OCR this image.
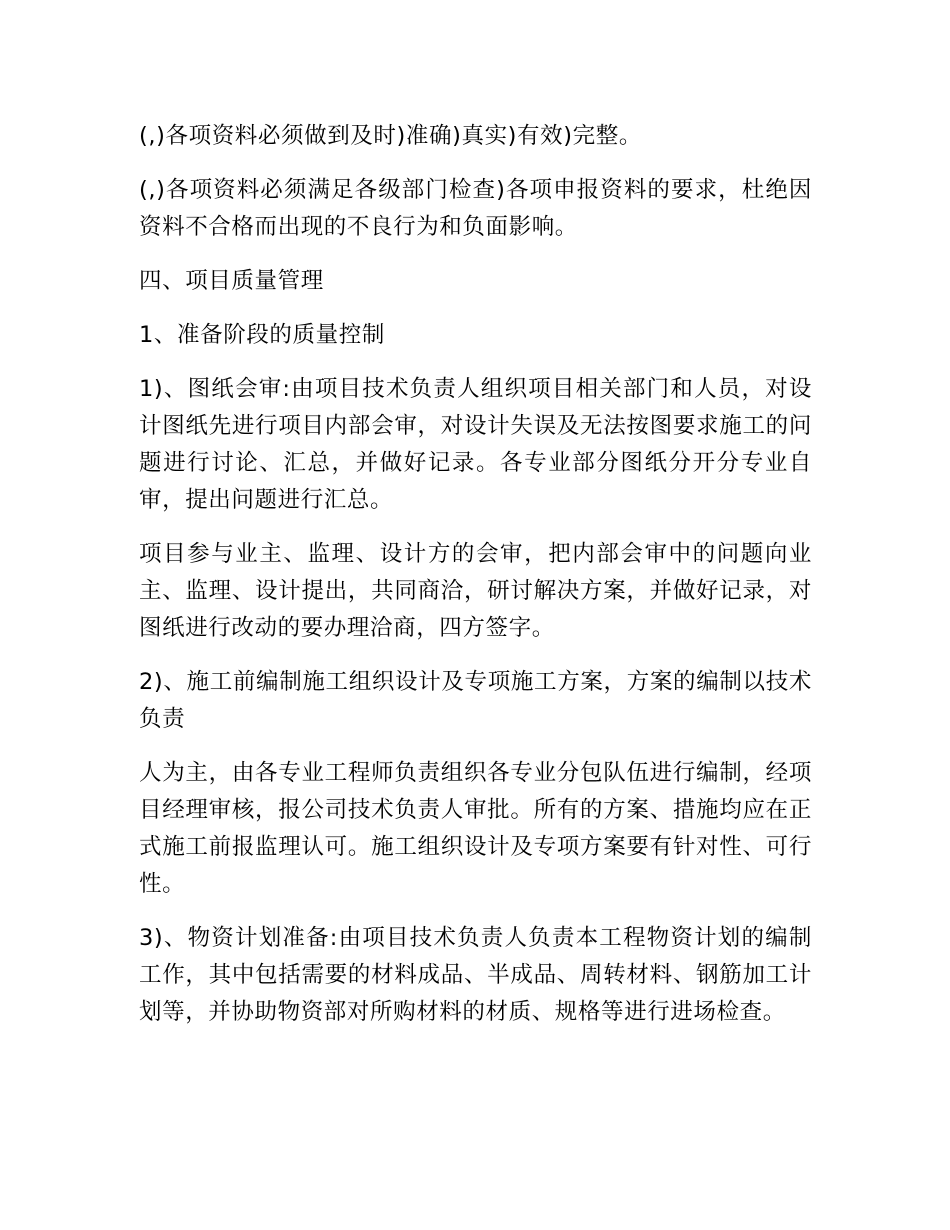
(,)各项资料必须做到及时)准确)真实)有效)完整。

(,)各项资料必须满足各级部门检查)各项申报资料的要求，杜绝因资料不合格而出现的不良行为和负面影响。

四、项目质量管理

1、准备阶段的质量控制

1)、图纸会审:由项目技术负责人组织项目相关部门和人员，对设计图纸先进行项目内部会审，对设计失误及无法按图要求施工的问题进行讨论、汇总，并做好记录。各专业部分图纸分开分专业自审，提出问题进行汇总。

项目参与业主、监理、设计方的会审，把内部会审中的问题向业主、监理、设计提出，共同商洽，研讨解决方案，并做好记录，对图纸进行改动的要办理洽商，四方签字。

2)、施工前编制施工组织设计及专项施工方案，方案的编制以技术负责

人为主，由各专业工程师负责组织各专业分包队伍进行编制，经项目经理审核，报公司技术负责人审批。所有的方案、措施均应在正式施工前报监理认可。施工组织设计及专项方案要有针对性、可行性。

3)、物资计划准备:由项目技术负责人负责本工程物资计划的编制工作，其中包括需要的材料成品、半成品、周转材料、钢筋加工计划等，并协助物资部对所购材料的材质、规格等进行进场检查。
